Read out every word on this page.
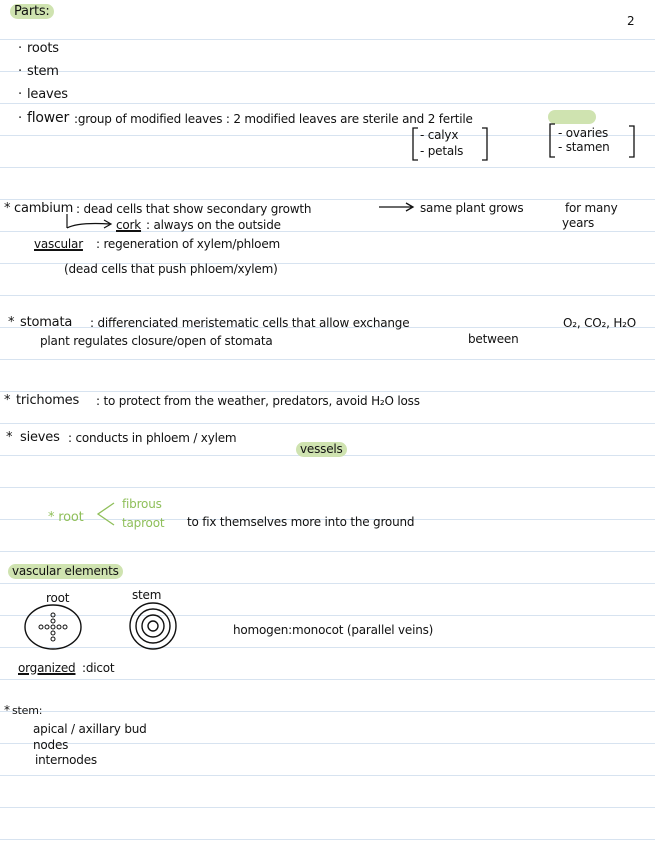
2
Parts:
· roots
· stem
· leaves
· flower :group of modified leaves : 2 modified leaves are sterile and 2 fertile
- calyx
- petals
- ovaries
- stamen
* cambium : dead cells that show secondary growth	same plant grows	for many
years
cork : always on the outside
vascular : regeneration of xylem/phloem
(dead cells that push phloem/xylem)
* stomata : differenciated meristematic cells that allow exchange
between
O₂, CO₂, H₂O
plant regulates closure/open of stomata
* trichomes : to protect from the weather, predators, avoid H₂O loss
* sieves : conducts in phloem / xylem
vessels
* root
fibrous
taproot to fix themselves more into the ground
vascular elements
root	stem
homogen:monocot (parallel veins)
organized :dicot
* stem:
apical / axillary bud
nodes
internodes
